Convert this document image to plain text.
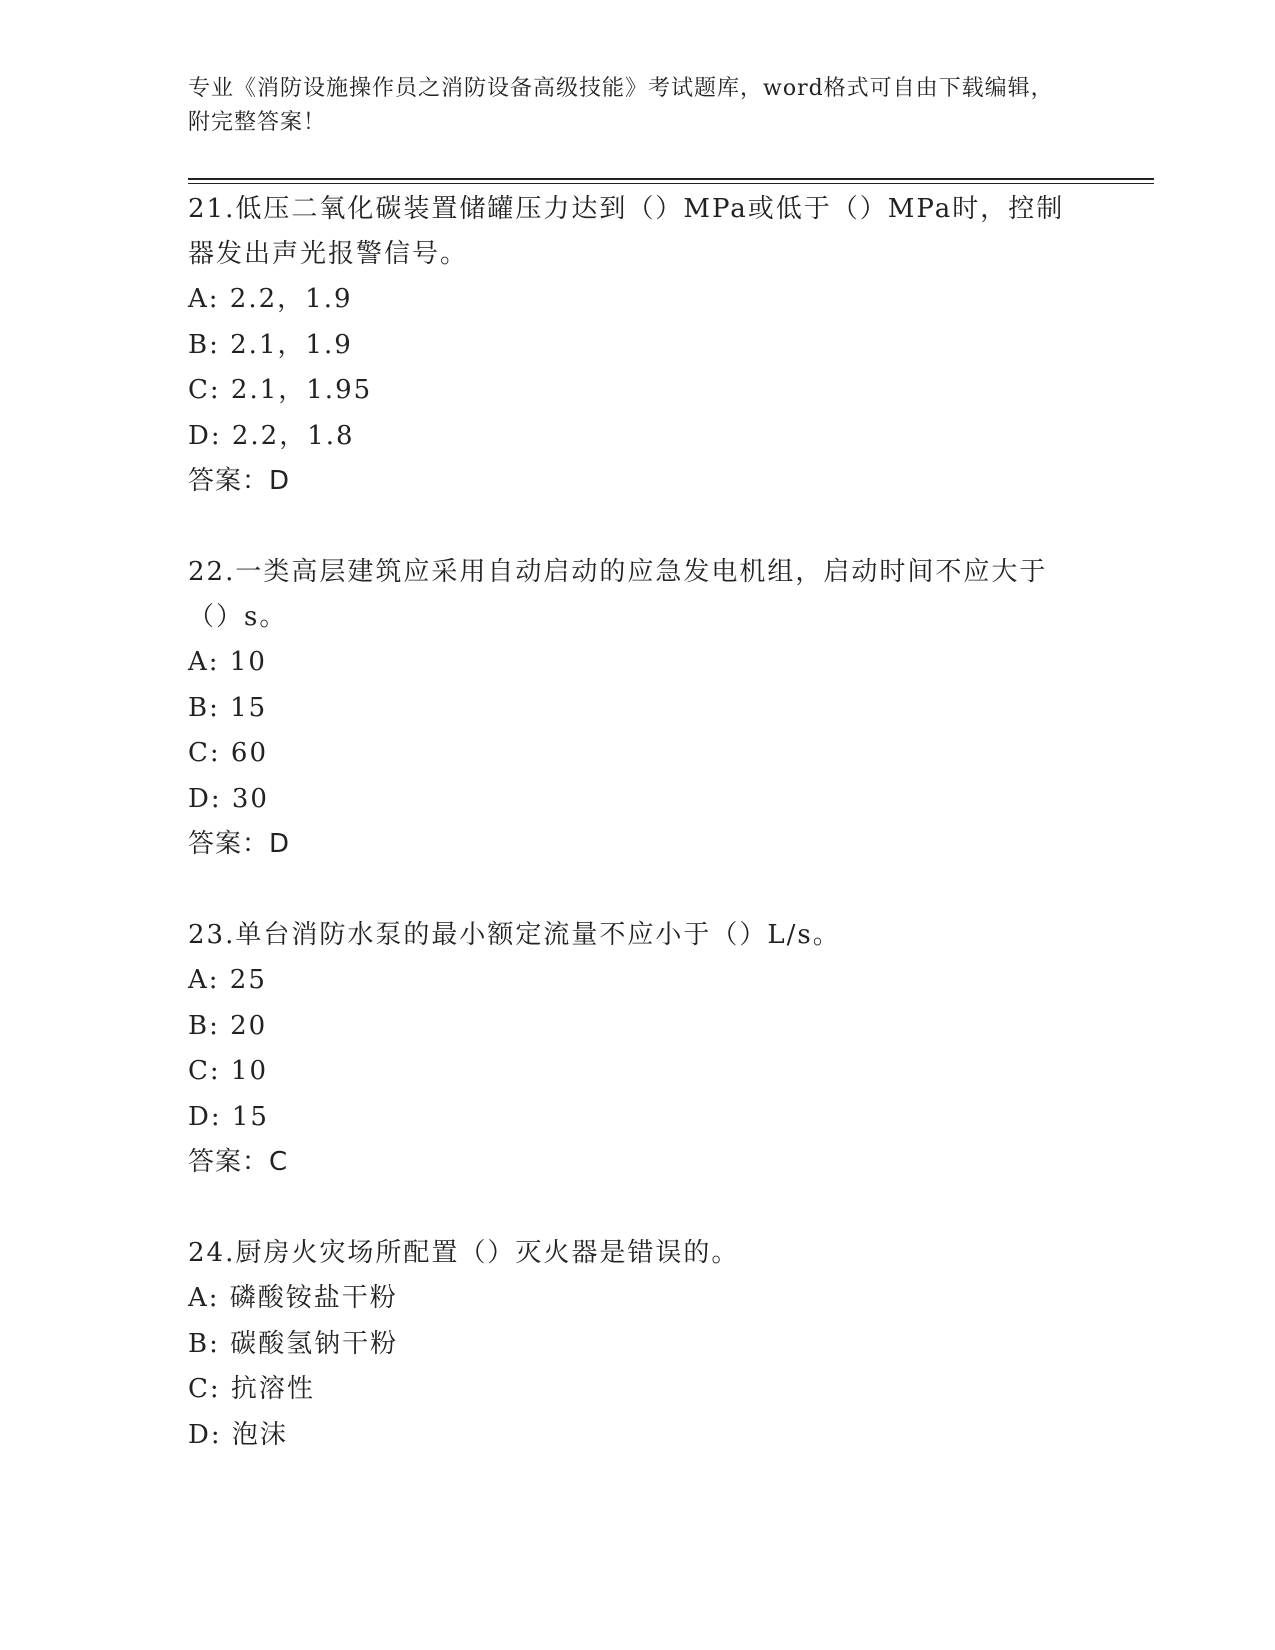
专业《消防设施操作员之消防设备高级技能》考试题库，word格式可自由下载编辑，附完整答案！

21.低压二氧化碳装置储罐压力达到（）MPa或低于（）MPa时，控制器发出声光报警信号。

A: 2.2，1.9

B: 2.1，1.9

C: 2.1，1.95

D: 2.2，1.8

答案：D

22.一类高层建筑应采用自动启动的应急发电机组，启动时间不应大于（）s。

A: 10

B: 15

C: 60

D: 30

答案：D

23.单台消防水泵的最小额定流量不应小于（）L/s。

A: 25

B: 20

C: 10

D: 15

答案：C

24.厨房火灾场所配置（）灭火器是错误的。

A: 磷酸铵盐干粉

B: 碳酸氢钠干粉

C: 抗溶性

D: 泡沫
